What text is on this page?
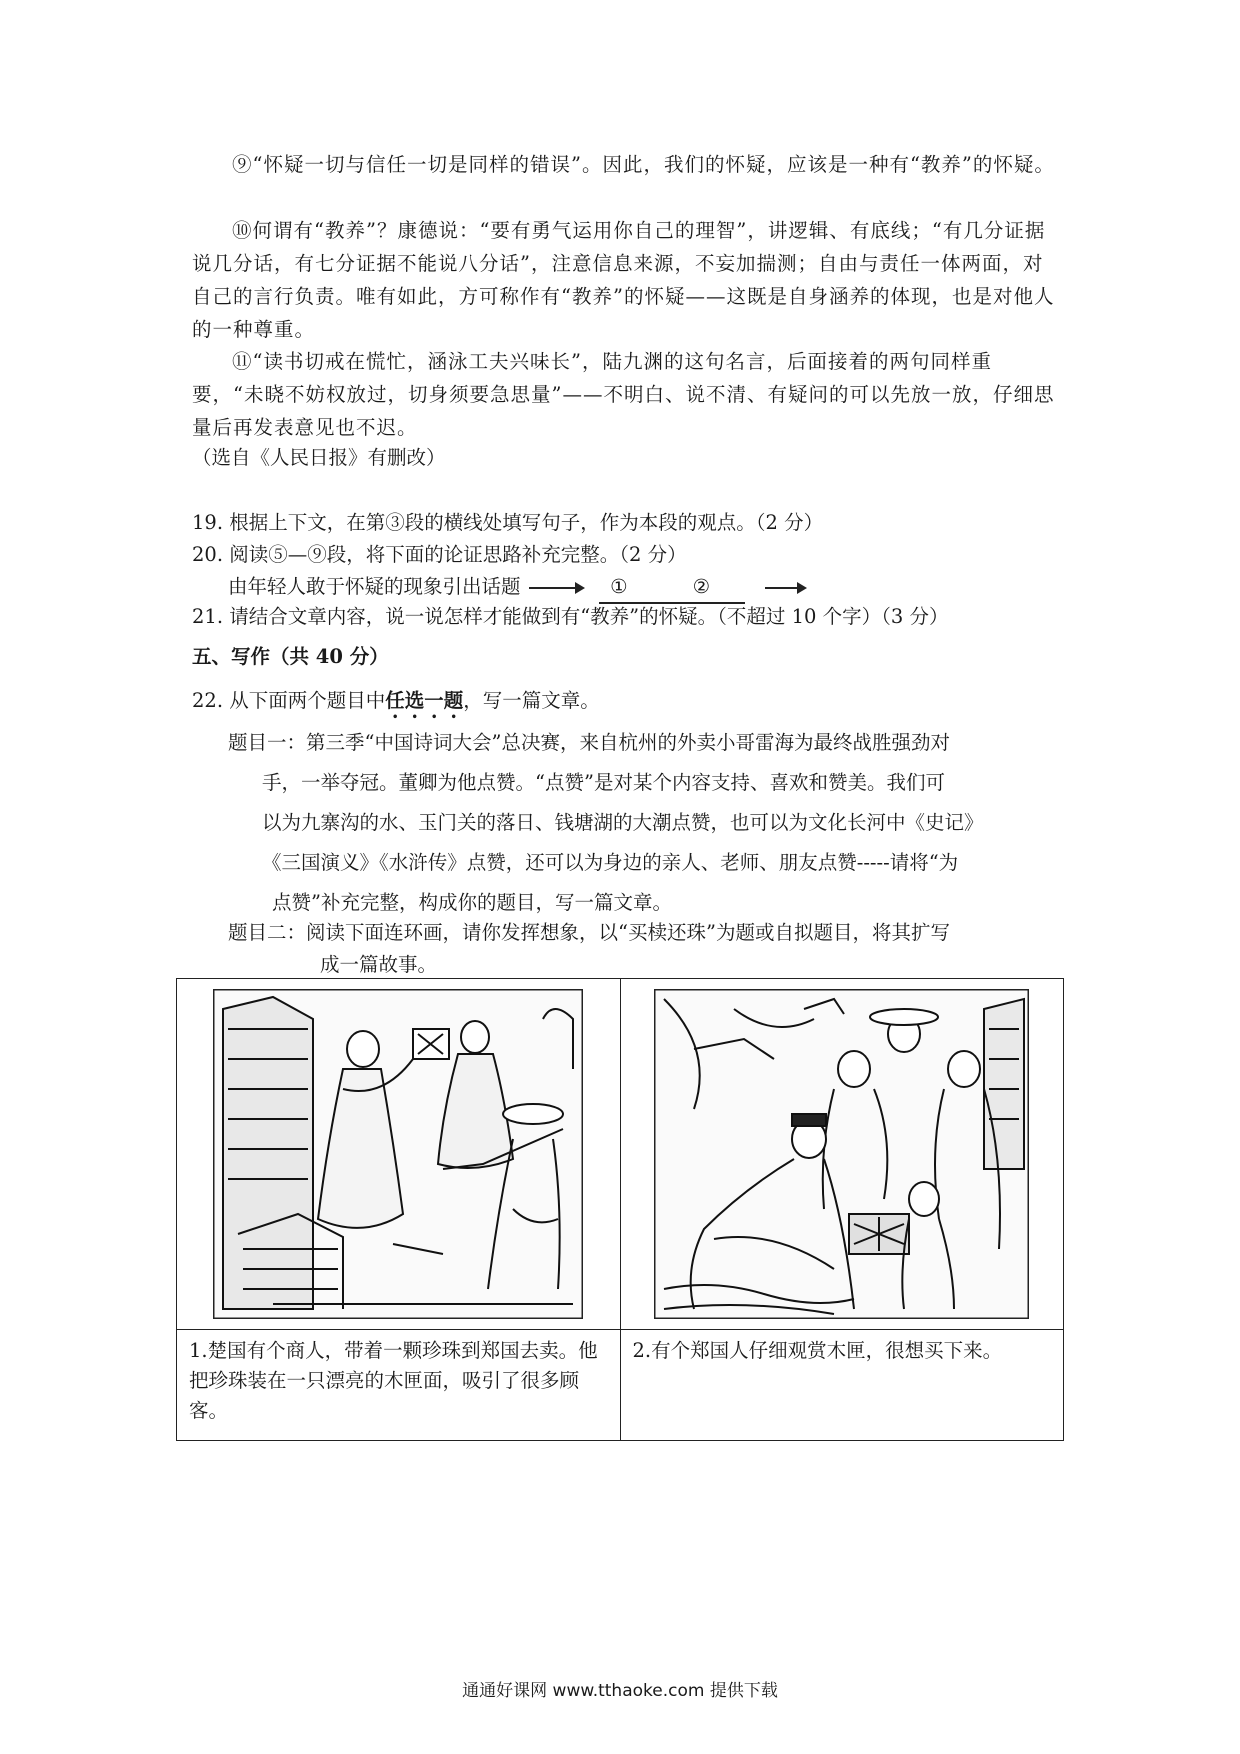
⑨“怀疑一切与信任一切是同样的错误”。因此，我们的怀疑，应该是一种有“教养”的怀疑。

⑩何谓有“教养”？康德说：“要有勇气运用你自己的理智”，讲逻辑、有底线；“有几分证据说几分话，有七分证据不能说八分话”，注意信息来源，不妄加揣测；自由与责任一体两面，对自己的言行负责。唯有如此，方可称作有“教养”的怀疑——这既是自身涵养的体现，也是对他人的一种尊重。

⑪“读书切戒在慌忙，涵泳工夫兴味长”，陆九渊的这句名言，后面接着的两句同样重要，“未晓不妨权放过，切身须要急思量”——不明白、说不清、有疑问的可以先放一放，仔细思量后再发表意见也不迟。

（选自《人民日报》有删改）

19. 根据上下文，在第③段的横线处填写句子，作为本段的观点。（2 分）

20. 阅读⑤—⑨段，将下面的论证思路补充完整。（2 分）

由年轻人敢于怀疑的现象引出话题	①	②

21. 请结合文章内容，说一说怎样才能做到有“教养”的怀疑。（不超过 10 个字）（3 分）

五、写作（共 40 分）

22. 从下面两个题目中任选一题，写一篇文章。

题目一：第三季“中国诗词大会”总决赛，来自杭州的外卖小哥雷海为最终战胜强劲对

手，一举夺冠。董卿为他点赞。“点赞”是对某个内容支持、喜欢和赞美。我们可

以为九寨沟的水、玉门关的落日、钱塘湖的大潮点赞，也可以为文化长河中《史记》

《三国演义》《水浒传》点赞，还可以为身边的亲人、老师、朋友点赞-----请将“为

点赞”补充完整，构成你的题目，写一篇文章。

题目二：阅读下面连环画，请你发挥想象，以“买椟还珠”为题或自拟题目，将其扩写

成一篇故事。

1.楚国有个商人，带着一颗珍珠到郑国去卖。他把珍珠装在一只漂亮的木匣面，吸引了很多顾客。	2.有个郑国人仔细观赏木匣，很想买下来。
通通好课网 www.tthaoke.com 提供下载
